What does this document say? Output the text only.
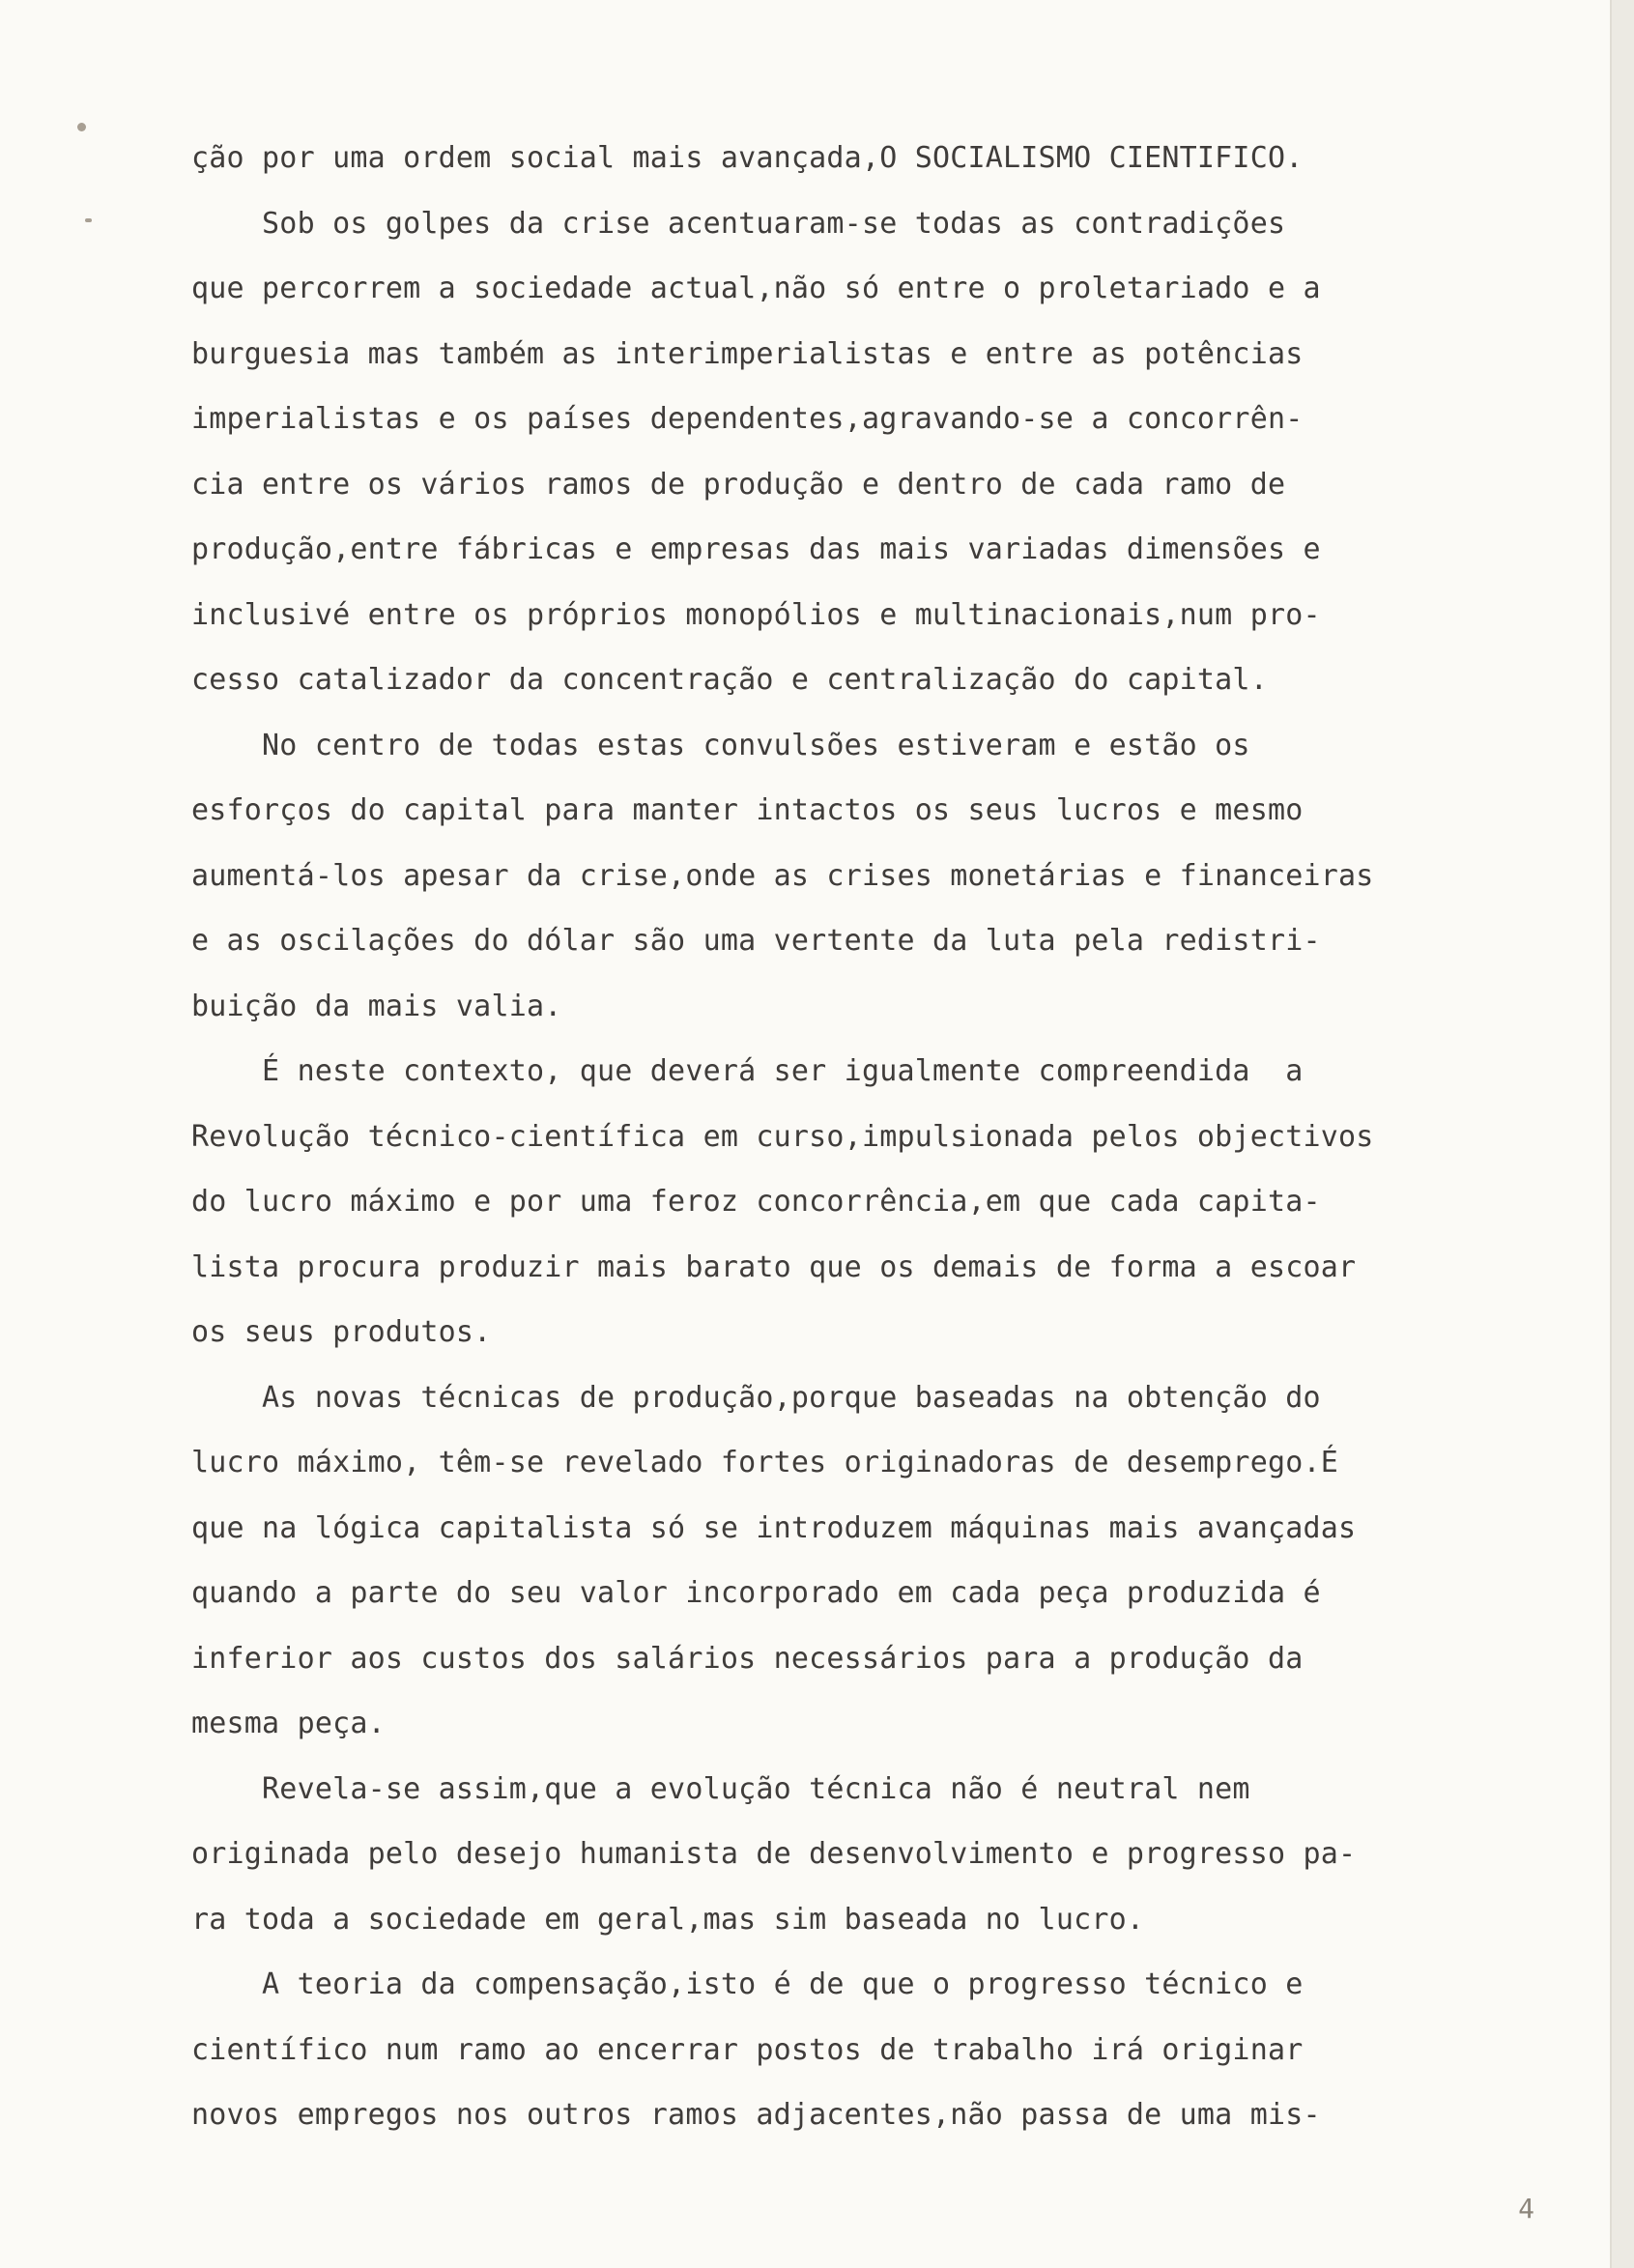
ção por uma ordem social mais avançada,O SOCIALISMO CIENTIFICO.
Sob os golpes da crise acentuaram-se todas as contradições
que percorrem a sociedade actual,não só entre o proletariado e a
burguesia mas também as interimperialistas e entre as potências
imperialistas e os países dependentes,agravando-se a concorrên-
cia entre os vários ramos de produção e dentro de cada ramo de
produção,entre fábricas e empresas das mais variadas dimensões e
inclusivé entre os próprios monopólios e multinacionais,num pro-
cesso catalizador da concentração e centralização do capital.
No centro de todas estas convulsões estiveram e estão os
esforços do capital para manter intactos os seus lucros e mesmo
aumentá-los apesar da crise,onde as crises monetárias e financeiras
e as oscilações do dólar são uma vertente da luta pela redistri-
buição da mais valia.
É neste contexto, que deverá ser igualmente compreendida  a
Revolução técnico-científica em curso,impulsionada pelos objectivos
do lucro máximo e por uma feroz concorrência,em que cada capita-
lista procura produzir mais barato que os demais de forma a escoar
os seus produtos.
As novas técnicas de produção,porque baseadas na obtenção do
lucro máximo, têm-se revelado fortes originadoras de desemprego.É
que na lógica capitalista só se introduzem máquinas mais avançadas
quando a parte do seu valor incorporado em cada peça produzida é
inferior aos custos dos salários necessários para a produção da
mesma peça.
Revela-se assim,que a evolução técnica não é neutral nem
originada pelo desejo humanista de desenvolvimento e progresso pa-
ra toda a sociedade em geral,mas sim baseada no lucro.
A teoria da compensação,isto é de que o progresso técnico e
científico num ramo ao encerrar postos de trabalho irá originar
novos empregos nos outros ramos adjacentes,não passa de uma mis-
4
